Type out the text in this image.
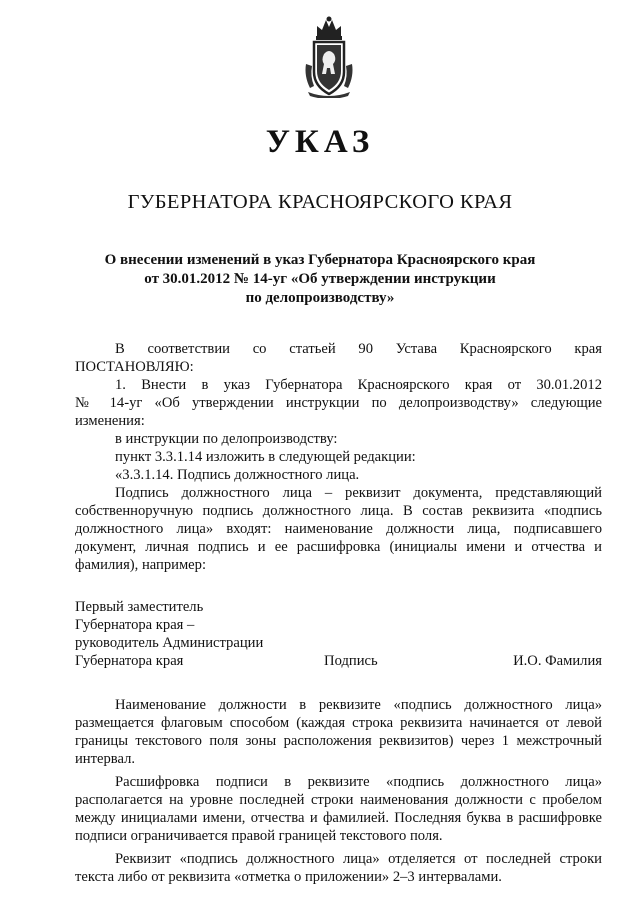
УКАЗ
ГУБЕРНАТОРА КРАСНОЯРСКОГО КРАЯ
О внесении изменений в указ Губернатора Красноярского края
от 30.01.2012 № 14-уг «Об утверждении инструкции
по делопроизводству»

В соответствии со статьей 90 Устава Красноярского края

ПОСТАНОВЛЯЮ:

1. Внести в указ Губернатора Красноярского края от 30.01.2012

№ 14-уг «Об утверждении инструкции по делопроизводству» следующие изменения:

в инструкции по делопроизводству:

пункт 3.3.1.14 изложить в следующей редакции:

«3.3.1.14. Подпись должностного лица.

Подпись должностного лица – реквизит документа, представляющий собственноручную подпись должностного лица. В состав реквизита «подпись должностного лица» входят: наименование должности лица, подписавшего документ, личная подпись и ее расшифровка (инициалы имени и отчества и фамилия), например:

Первый заместитель
Губернатора края –
руководитель Администрации
Губернатора края	Подпись	И.О. Фамилия

Наименование должности в реквизите «подпись должностного лица» размещается флаговым способом (каждая строка реквизита начинается от левой границы текстового поля зоны расположения реквизитов) через 1 межстрочный интервал.

Расшифровка подписи в реквизите «подпись должностного лица» располагается на уровне последней строки наименования должности с пробелом между инициалами имени, отчества и фамилией. Последняя буква в расшифровке подписи ограничивается правой границей текстового поля.

Реквизит «подпись должностного лица» отделяется от последней строки текста либо от реквизита «отметка о приложении» 2–3 интервалами.
